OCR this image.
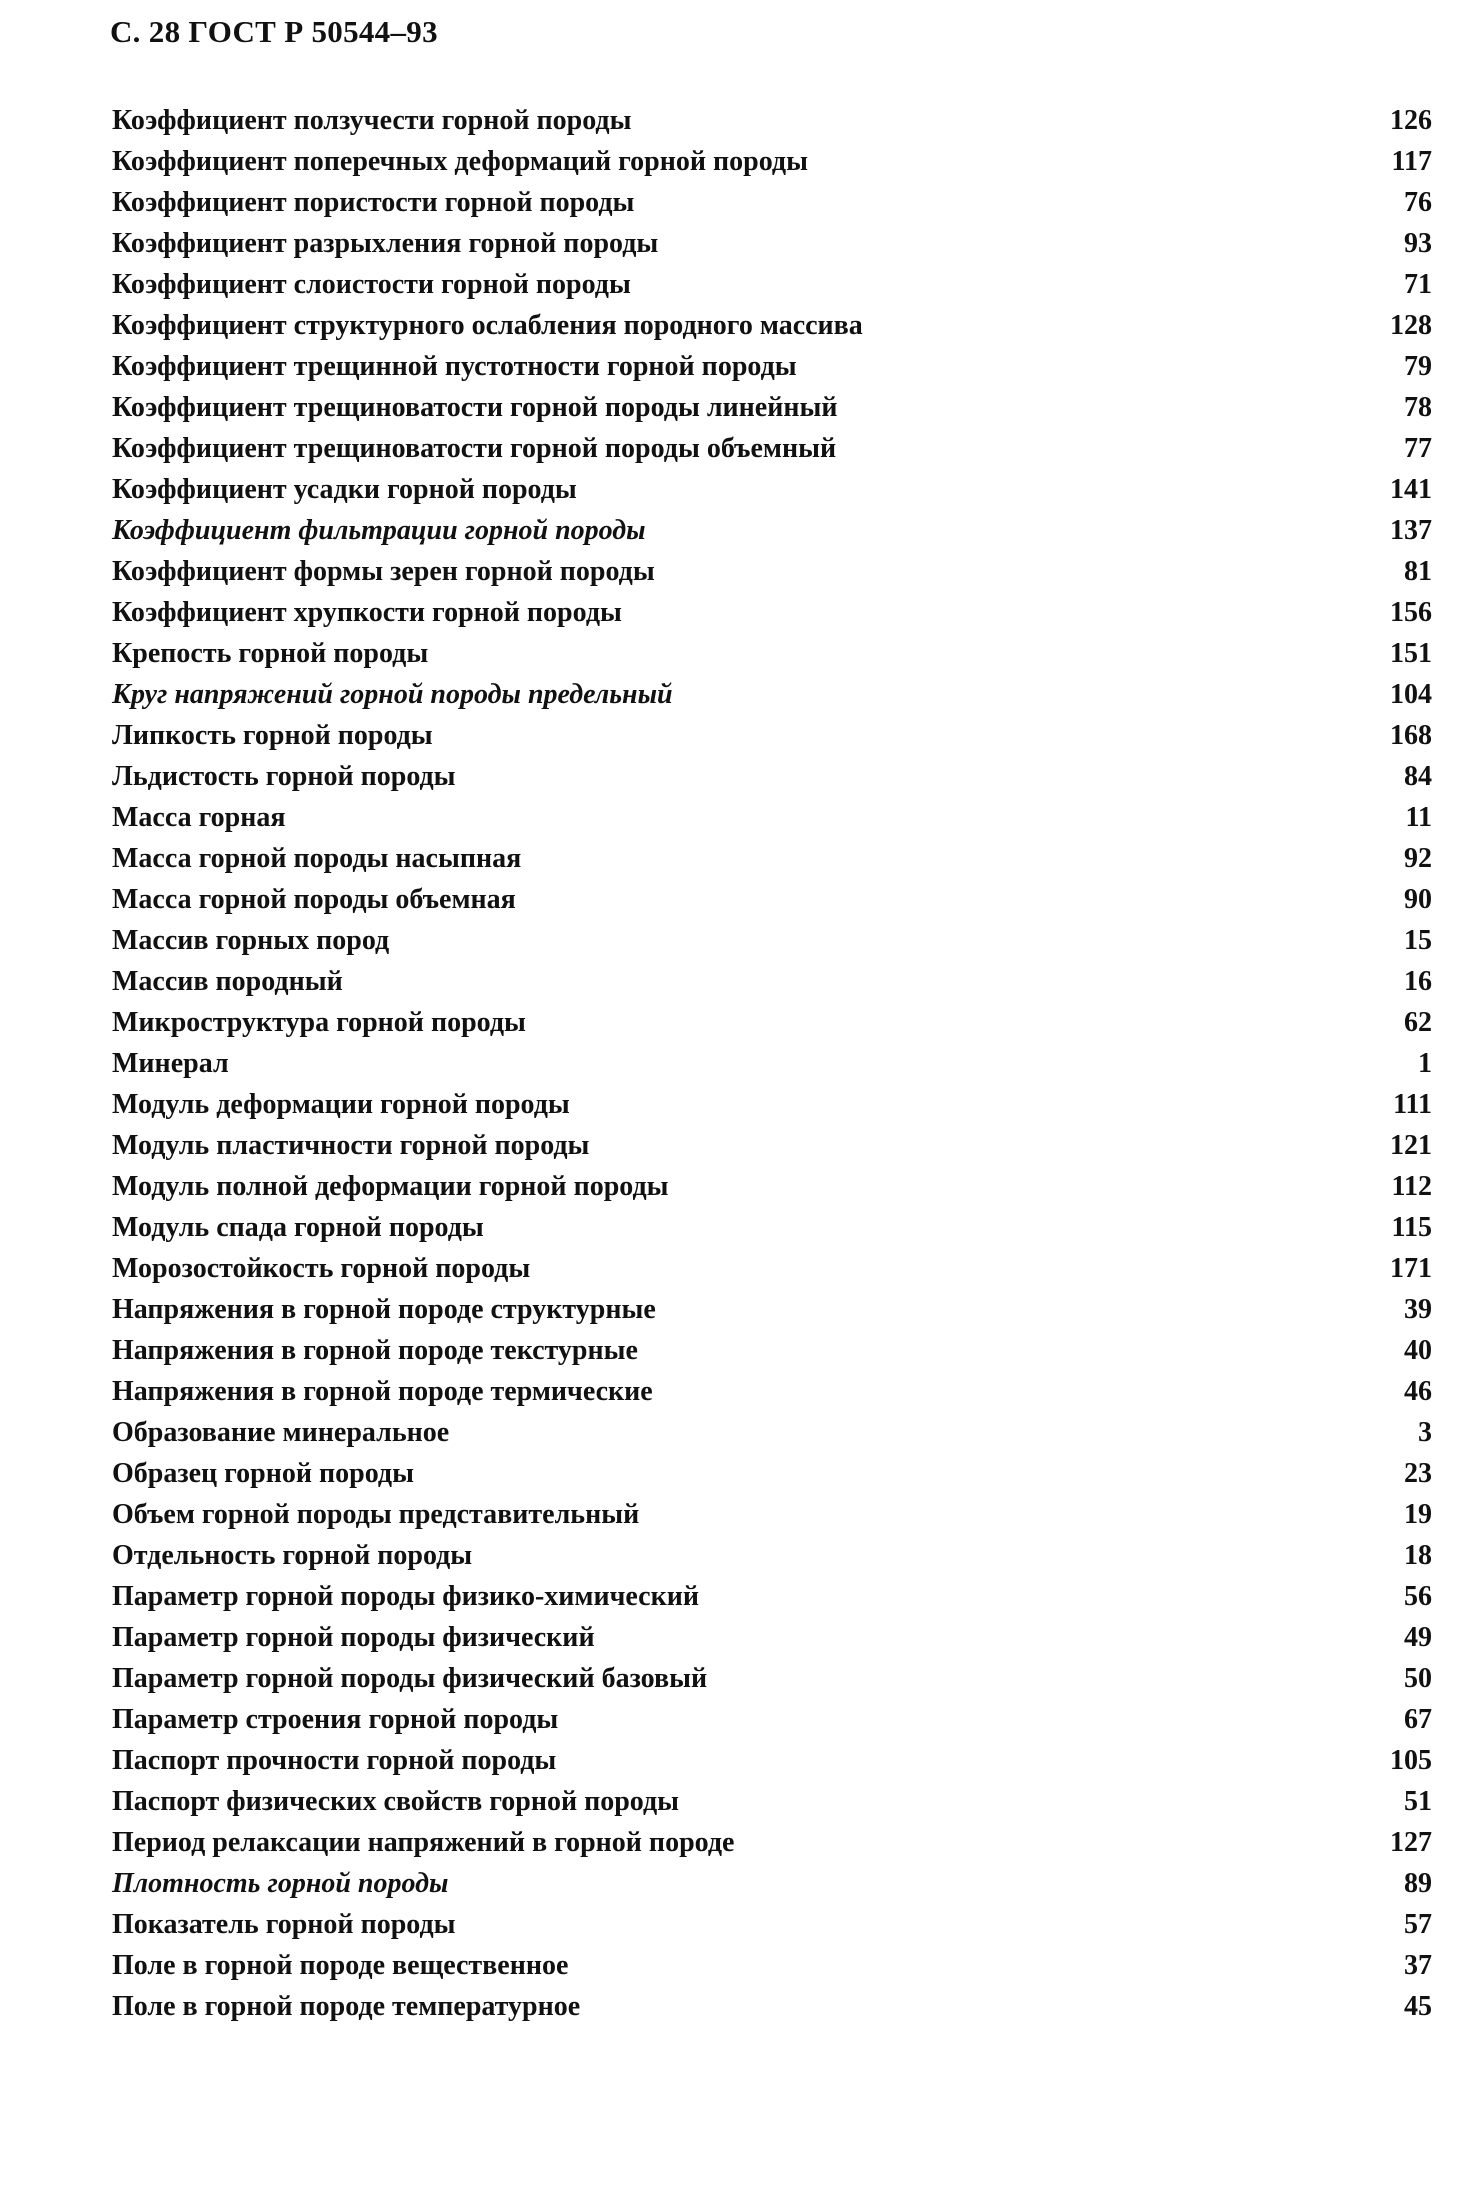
С. 28 ГОСТ Р 50544–93
Коэффициент ползучести горной породы	126
Коэффициент поперечных деформаций горной породы	117
Коэффициент пористости горной породы	76
Коэффициент разрыхления горной породы	93
Коэффициент слоистости горной породы	71
Коэффициент структурного ослабления породного массива	128
Коэффициент трещинной пустотности горной породы	79
Коэффициент трещиноватости горной породы линейный	78
Коэффициент трещиноватости горной породы объемный	77
Коэффициент усадки горной породы	141
Коэффициент фильтрации горной породы	137
Коэффициент формы зерен горной породы	81
Коэффициент хрупкости горной породы	156
Крепость горной породы	151
Круг напряжений горной породы предельный	104
Липкость горной породы	168
Льдистость горной породы	84
Масса горная	11
Масса горной породы насыпная	92
Масса горной породы объемная	90
Массив горных пород	15
Массив породный	16
Микроструктура горной породы	62
Минерал	1
Модуль деформации горной породы	111
Модуль пластичности горной породы	121
Модуль полной деформации горной породы	112
Модуль спада горной породы	115
Морозостойкость горной породы	171
Напряжения в горной породе структурные	39
Напряжения в горной породе текстурные	40
Напряжения в горной породе термические	46
Образование минеральное	3
Образец горной породы	23
Объем горной породы представительный	19
Отдельность горной породы	18
Параметр горной породы физико-химический	56
Параметр горной породы физический	49
Параметр горной породы физический базовый	50
Параметр строения горной породы	67
Паспорт прочности горной породы	105
Паспорт физических свойств горной породы	51
Период релаксации напряжений в горной породе	127
Плотность горной породы	89
Показатель горной породы	57
Поле в горной породе вещественное	37
Поле в горной породе температурное	45
